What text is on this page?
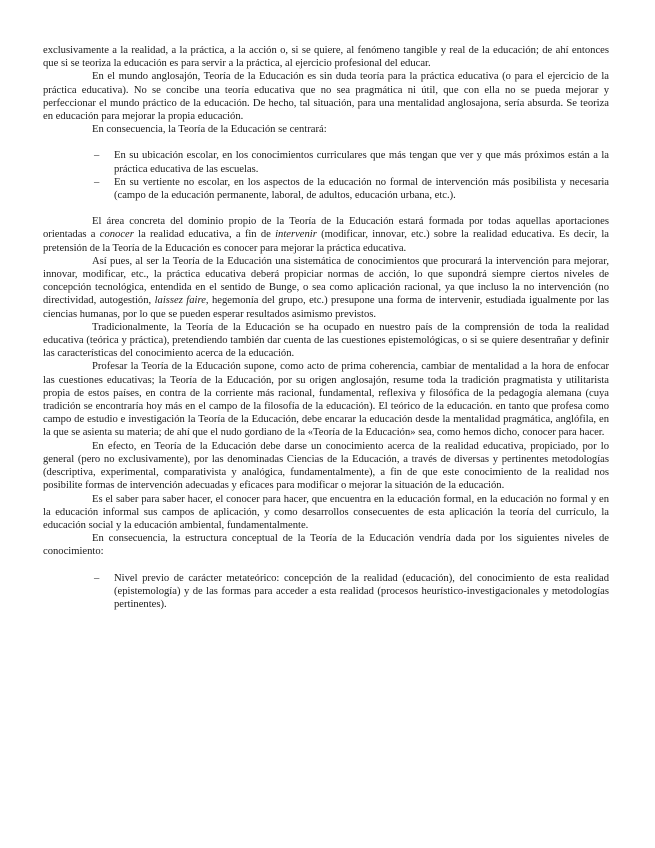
exclusivamente a la realidad, a la práctica, a la acción o, si se quiere, al fenómeno tangible y real de la educación; de ahí entonces que si se teoriza la educación es para servir a la práctica, al ejercicio profesional del educar.

En el mundo anglosajón, Teoría de la Educación es sin duda teoría para la práctica educativa (o para el ejercicio de la práctica educativa). No se concibe una teoría educativa que no sea pragmática ni útil, que con ella no se pueda mejorar y perfeccionar el mundo práctico de la educación. De hecho, tal situación, para una mentalidad anglosajona, sería absurda. Se teoriza en educación para mejorar la propia educación.

En consecuencia, la Teoría de la Educación se centrará:

– En su ubicación escolar, en los conocimientos curriculares que más tengan que ver y que más próximos están a la práctica educativa de las escuelas.
– En su vertiente no escolar, en los aspectos de la educación no formal de intervención más posibilista y necesaria (campo de la educación permanente, laboral, de adultos, educación urbana, etc.).

El área concreta del dominio propio de la Teoría de la Educación estará formada por todas aquellas aportaciones orientadas a conocer la realidad educativa, a fin de intervenir (modificar, innovar, etc.) sobre la realidad educativa. Es decir, la pretensión de la Teoría de la Educación es conocer para mejorar la práctica educativa.

Así pues, al ser la Teoría de la Educación una sistemática de conocimientos que procurará la intervención para mejorar, innovar, modificar, etc., la práctica educativa deberá propiciar normas de acción, lo que supondrá siempre ciertos niveles de concepción tecnológica, entendida en el sentido de Bunge, o sea como aplicación racional, ya que incluso la no intervención (no directividad, autogestión, laissez faire, hegemonía del grupo, etc.) presupone una forma de intervenir, estudiada igualmente por las ciencias humanas, por lo que se pueden esperar resultados asimismo previstos.

Tradicionalmente, la Teoría de la Educación se ha ocupado en nuestro país de la comprensión de toda la realidad educativa (teórica y práctica), pretendiendo también dar cuenta de las cuestiones epistemológicas, o si se quiere desentrañar y definir las características del conocimiento acerca de la educación.

Profesar la Teoría de la Educación supone, como acto de prima coherencia, cambiar de mentalidad a la hora de enfocar las cuestiones educativas; la Teoría de la Educación, por su origen anglosajón, resume toda la tradición pragmatista y utilitarista propia de estos países, en contra de la corriente más racional, fundamental, reflexiva y filosófica de la pedagogía alemana (cuya tradición se encontraría hoy más en el campo de la filosofía de la educación). El teórico de la educación. en tanto que profesa como campo de estudio e investigación la Teoría de la Educación, debe encarar la educación desde la mentalidad pragmática, anglófila, en la que se asienta su materia; de ahí que el nudo gordiano de la «Teoría de la Educación» sea, como hemos dicho, conocer para hacer.

En efecto, en Teoría de la Educación debe darse un conocimiento acerca de la realidad educativa, propiciado, por lo general (pero no exclusivamente), por las denominadas Ciencias de la Educación, a través de diversas y pertinentes metodologías (descriptiva, experimental, comparativista y analógica, fundamentalmente), a fin de que este conocimiento de la realidad nos posibilite formas de intervención adecuadas y eficaces para modificar o mejorar la situación de la educación.

Es el saber para saber hacer, el conocer para hacer, que encuentra en la educación formal, en la educación no formal y en la educación informal sus campos de aplicación, y como desarrollos consecuentes de esta aplicación la teoría del currículo, la educación social y la educación ambiental, fundamentalmente.

En consecuencia, la estructura conceptual de la Teoría de la Educación vendría dada por los siguientes niveles de conocimiento:

– Nivel previo de carácter metateórico: concepción de la realidad (educación), del conocimiento de esta realidad (epistemología) y de las formas para acceder a esta realidad (procesos heurístico-investigacionales y metodologías pertinentes).
